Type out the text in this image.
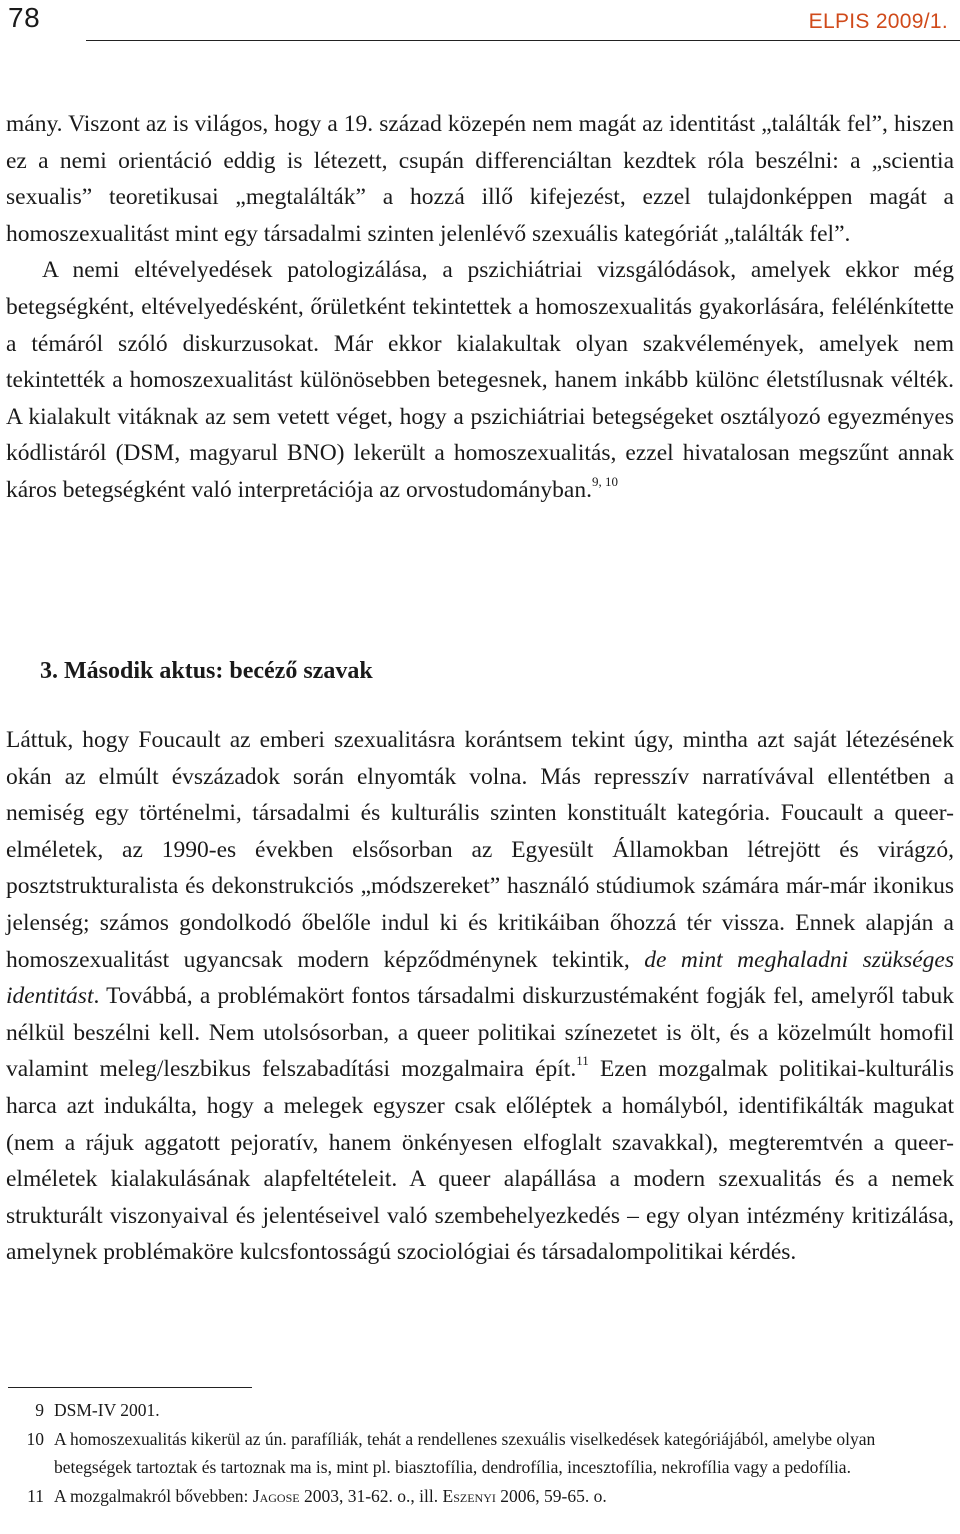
78	ELPIS 2009/1.

mány. Viszont az is világos, hogy a 19. század közepén nem magát az identitást „találták fel”, hiszen ez a nemi orientáció eddig is létezett, csupán differenciáltan kezdtek róla beszélni: a „scientia sexualis” teoretikusai „megtalálták” a hozzá illő kifejezést, ezzel tulajdonképpen magát a homoszexualitást mint egy társadalmi szinten jelenlévő szexuális kategóriát „találták fel”.

A nemi eltévelyedések patologizálása, a pszichiátriai vizsgálódások, amelyek ekkor még betegségként, eltévelyedésként, őrületként tekintettek a homoszexualitás gyakorlására, felélénkítette a témáról szóló diskurzusokat. Már ekkor kialakultak olyan szakvélemények, amelyek nem tekintették a homoszexualitást különösebben betegesnek, hanem inkább különc életstílusnak vélték. A kialakult vitáknak az sem vetett véget, hogy a pszichiátriai betegségeket osztályozó egyezményes kódlistáról (DSM, magyarul BNO) lekerült a homoszexualitás, ezzel hivatalosan megszűnt annak káros betegségként való interpretációja az orvostudományban.$^{9, 10}$

3. Második aktus: becéző szavak

Láttuk, hogy Foucault az emberi szexualitásra korántsem tekint úgy, mintha azt saját létezésének okán az elmúlt évszázadok során elnyomták volna. Más represszív narratívával ellentétben a nemiség egy történelmi, társadalmi és kulturális szinten konstituált kategória. Foucault a queer-elméletek, az 1990-es években elsősorban az Egyesült Államokban létrejött és virágzó, posztstrukturalista és dekonstrukciós „módszereket” használó stúdiumok számára már-már ikonikus jelenség; számos gondolkodó őbelőle indul ki és kritikáiban őhozzá tér vissza. Ennek alapján a homoszexualitást ugyancsak modern képződménynek tekintik, de mint meghaladni szükséges identitást. Továbbá, a problémakört fontos társadalmi diskurzustémaként fogják fel, amelyről tabuk nélkül beszélni kell. Nem utolsósorban, a queer politikai színezetet is ölt, és a közelmúlt homofil valamint meleg/leszbikus felszabadítási mozgalmaira épít.$^{11}$ Ezen mozgalmak politikai-kulturális harca azt indukálta, hogy a melegek egyszer csak előléptek a homályból, identifikálták magukat (nem a rájuk aggatott pejoratív, hanem önkényesen elfoglalt szavakkal), megteremtvén a queer-elméletek kialakulásának alapfeltételeit. A queer alapállása a modern szexualitás és a nemek strukturált viszonyaival és jelentéseivel való szembehelyezkedés – egy olyan intézmény kritizálása, amelynek problémaköre kulcsfontosságú szociológiai és társadalompolitikai kérdés.

9 DSM-IV 2001.

10 A homoszexualitás kikerül az ún. parafíliák, tehát a rendellenes szexuális viselkedések kategóriájából, amelybe olyan betegségek tartoztak és tartoznak ma is, mint pl. biasztofília, dendrofília, incesztofília, nekrofília vagy a pedofília.

11 A mozgalmakról bővebben: Jagose 2003, 31-62. o., ill. Eszenyi 2006, 59-65. o.
